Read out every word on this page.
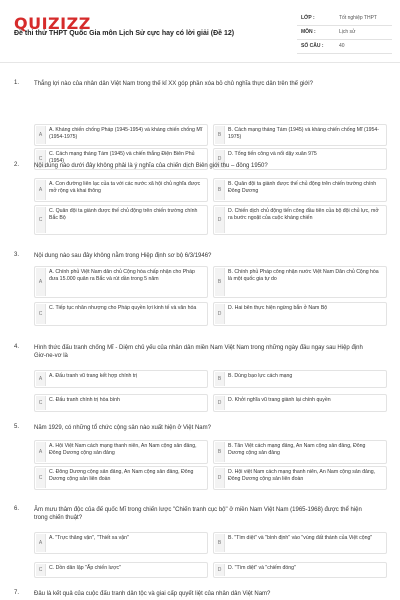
QUIZIZZ
Đề thi thử THPT Quốc Gia môn Lịch Sử cực hay có lời giải (Đề 12)
LỚP :	Tốt nghiệp THPT
MÔN :	Lịch sử
SỐ CÂU :	40
1. Thắng lợi nào của nhân dân Việt Nam trong thế kỉ XX góp phần xóa bỏ chủ nghĩa thực dân trên thế giới?
A
A. Kháng chiến chống Pháp (1945-1954) và kháng chiến chống Mĩ (1954-1975)	B
B. Cách mạng tháng Tám (1945) và kháng chiến chống Mĩ (1954-1975)
C
C. Cách mạng tháng Tám (1945) và chiến thắng Điện Biên Phủ (1954)	D
D. Tổng tiến công và nổi dậy xuân 975
2. Nội dung nào dưới đây không phải là ý nghĩa của chiến dịch Biên giới thu – đông 1950?
A
A. Con đường liên lạc của ta với các nước xã hội chủ nghĩa được mở rộng và khai thông	B
B. Quân đội ta giành được thế chủ động trên chiến trường chính Đông Dương
C
C. Quân đội ta giành được thế chủ động trên chiến trường chính Bắc Bộ	D
D. Chiến dịch chủ động tiến công đầu tiên của bộ đội chủ lực, mở ra bước ngoặt của cuộc kháng chiến
3. Nội dung nào sau đây không nằm trong Hiệp định sơ bộ 6/3/1946?
A
A. Chính phủ Việt Nam dân chủ Cộng hòa chấp nhận cho Pháp đưa 15.000 quân ra Bắc và rút dần trong 5 năm	B
B. Chính phủ Pháp công nhận nước Việt Nam Dân chủ Cộng hòa là một quốc gia tự do
C
C. Tiếp tục nhân nhượng cho Pháp quyền lợi kinh tế và văn hóa
D
D. Hai bên thực hiện ngừng bắn ở Nam Bộ
4. Hình thức đấu tranh chống Mĩ - Diệm chủ yếu của nhân dân miền Nam Việt Nam trong những ngày đầu ngay sau Hiệp định Giơ-ne-vơ là
A	A. Đấu tranh vũ trang kết hợp chính trị	B	B. Dùng bạo lực cách mạng
C	C. Đấu tranh chính trị hòa bình	D	D. Khởi nghĩa vũ trang giành lại chính quyền
5. Năm 1929, có những tổ chức cộng sản nào xuất hiện ở Việt Nam?
A
A. Hội Việt Nam cách mạng thanh niên, An Nam cộng sản đảng, Đông Dương cộng sản đảng	B
B. Tân Việt cách mạng đảng, An Nam cộng sản đảng, Đông Dương cộng sản đảng
C
C. Đông Dương cộng sản đảng, An Nam cộng sản đảng, Đông Dương cộng sản liên đoàn	D
D. Hội việt Nam cách mạng thanh niên, An Nam cộng sản đảng, Đông Dương cộng sản liên đoàn
6. Âm mưu thâm độc của đế quốc Mĩ trong chiến lược "Chiến tranh cục bộ" ở miền Nam Việt Nam (1965-1968) được thể hiện trong chiến thuật?
A
A. "Trực thăng vận", "Thiết xa vận"
B
B. "Tìm diệt" và "bình định" vào "vùng đất thánh của Việt cộng"
C	C. Dồn dân lập "Ấp chiến lược"	D	D. "Tìm diệt" và "chiếm đóng"
7. Đâu là kết quả của cuộc đấu tranh dân tộc và giai cấp quyết liệt của nhân dân Việt Nam?
